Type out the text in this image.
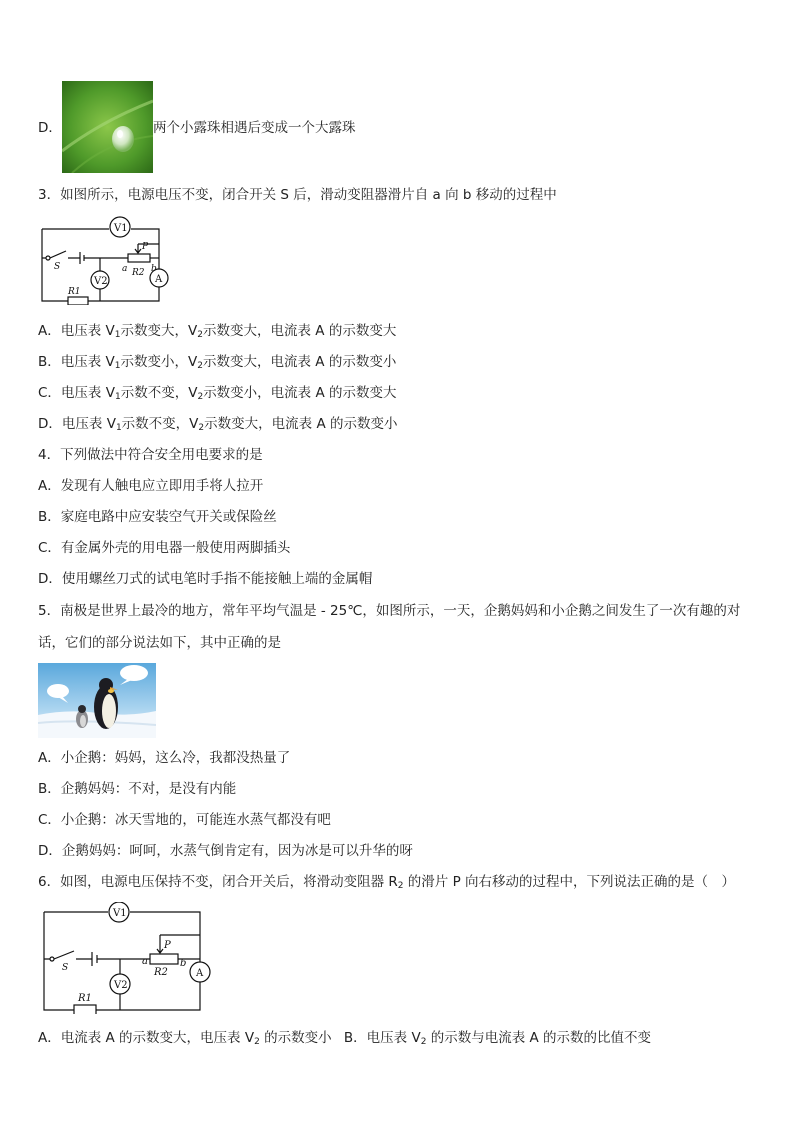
D．	两个小露珠相遇后变成一个大露珠
3．如图所示，电源电压不变，闭合开关 S 后，滑动变阻器滑片自 a 向 b 移动的过程中
V1
S
P
a	b
R2
A
V2
R1
A．电压表 $V_1$示数变大，$V_2$示数变大，电流表 A 的示数变大
B．电压表 $V_1$示数变小，$V_2$示数变大，电流表 A 的示数变小
C．电压表 $V_1$示数不变，$V_2$示数变小，电流表 A 的示数变大
D．电压表 $V_1$示数不变，$V_2$示数变大，电流表 A 的示数变小
4．下列做法中符合安全用电要求的是
A．发现有人触电应立即用手将人拉开
B．家庭电路中应安装空气开关或保险丝
C．有金属外壳的用电器一般使用两脚插头
D．使用螺丝刀式的试电笔时手指不能接触上端的金属帽
5．南极是世界上最冷的地方，常年平均气温是 - 25℃，如图所示，一天，企鹅妈妈和小企鹅之间发生了一次有趣的对
话，它们的部分说法如下，其中正确的是
A．小企鹅：妈妈，这么冷，我都没热量了
B．企鹅妈妈：不对，是没有内能
C．小企鹅：冰天雪地的，可能连水蒸气都没有吧
D．企鹅妈妈：呵呵，水蒸气倒肯定有，因为冰是可以升华的呀
6．如图，电源电压保持不变，闭合开关后，将滑动变阻器 $R_2$ 的滑片 P 向右移动的过程中，下列说法正确的是（　）
V1
S
P
a	b
R2	A
V2
R1
A．电流表 A 的示数变大，电压表 $V_2$ 的示数变小 B．电压表 $V_2$ 的示数与电流表 A 的示数的比值不变
